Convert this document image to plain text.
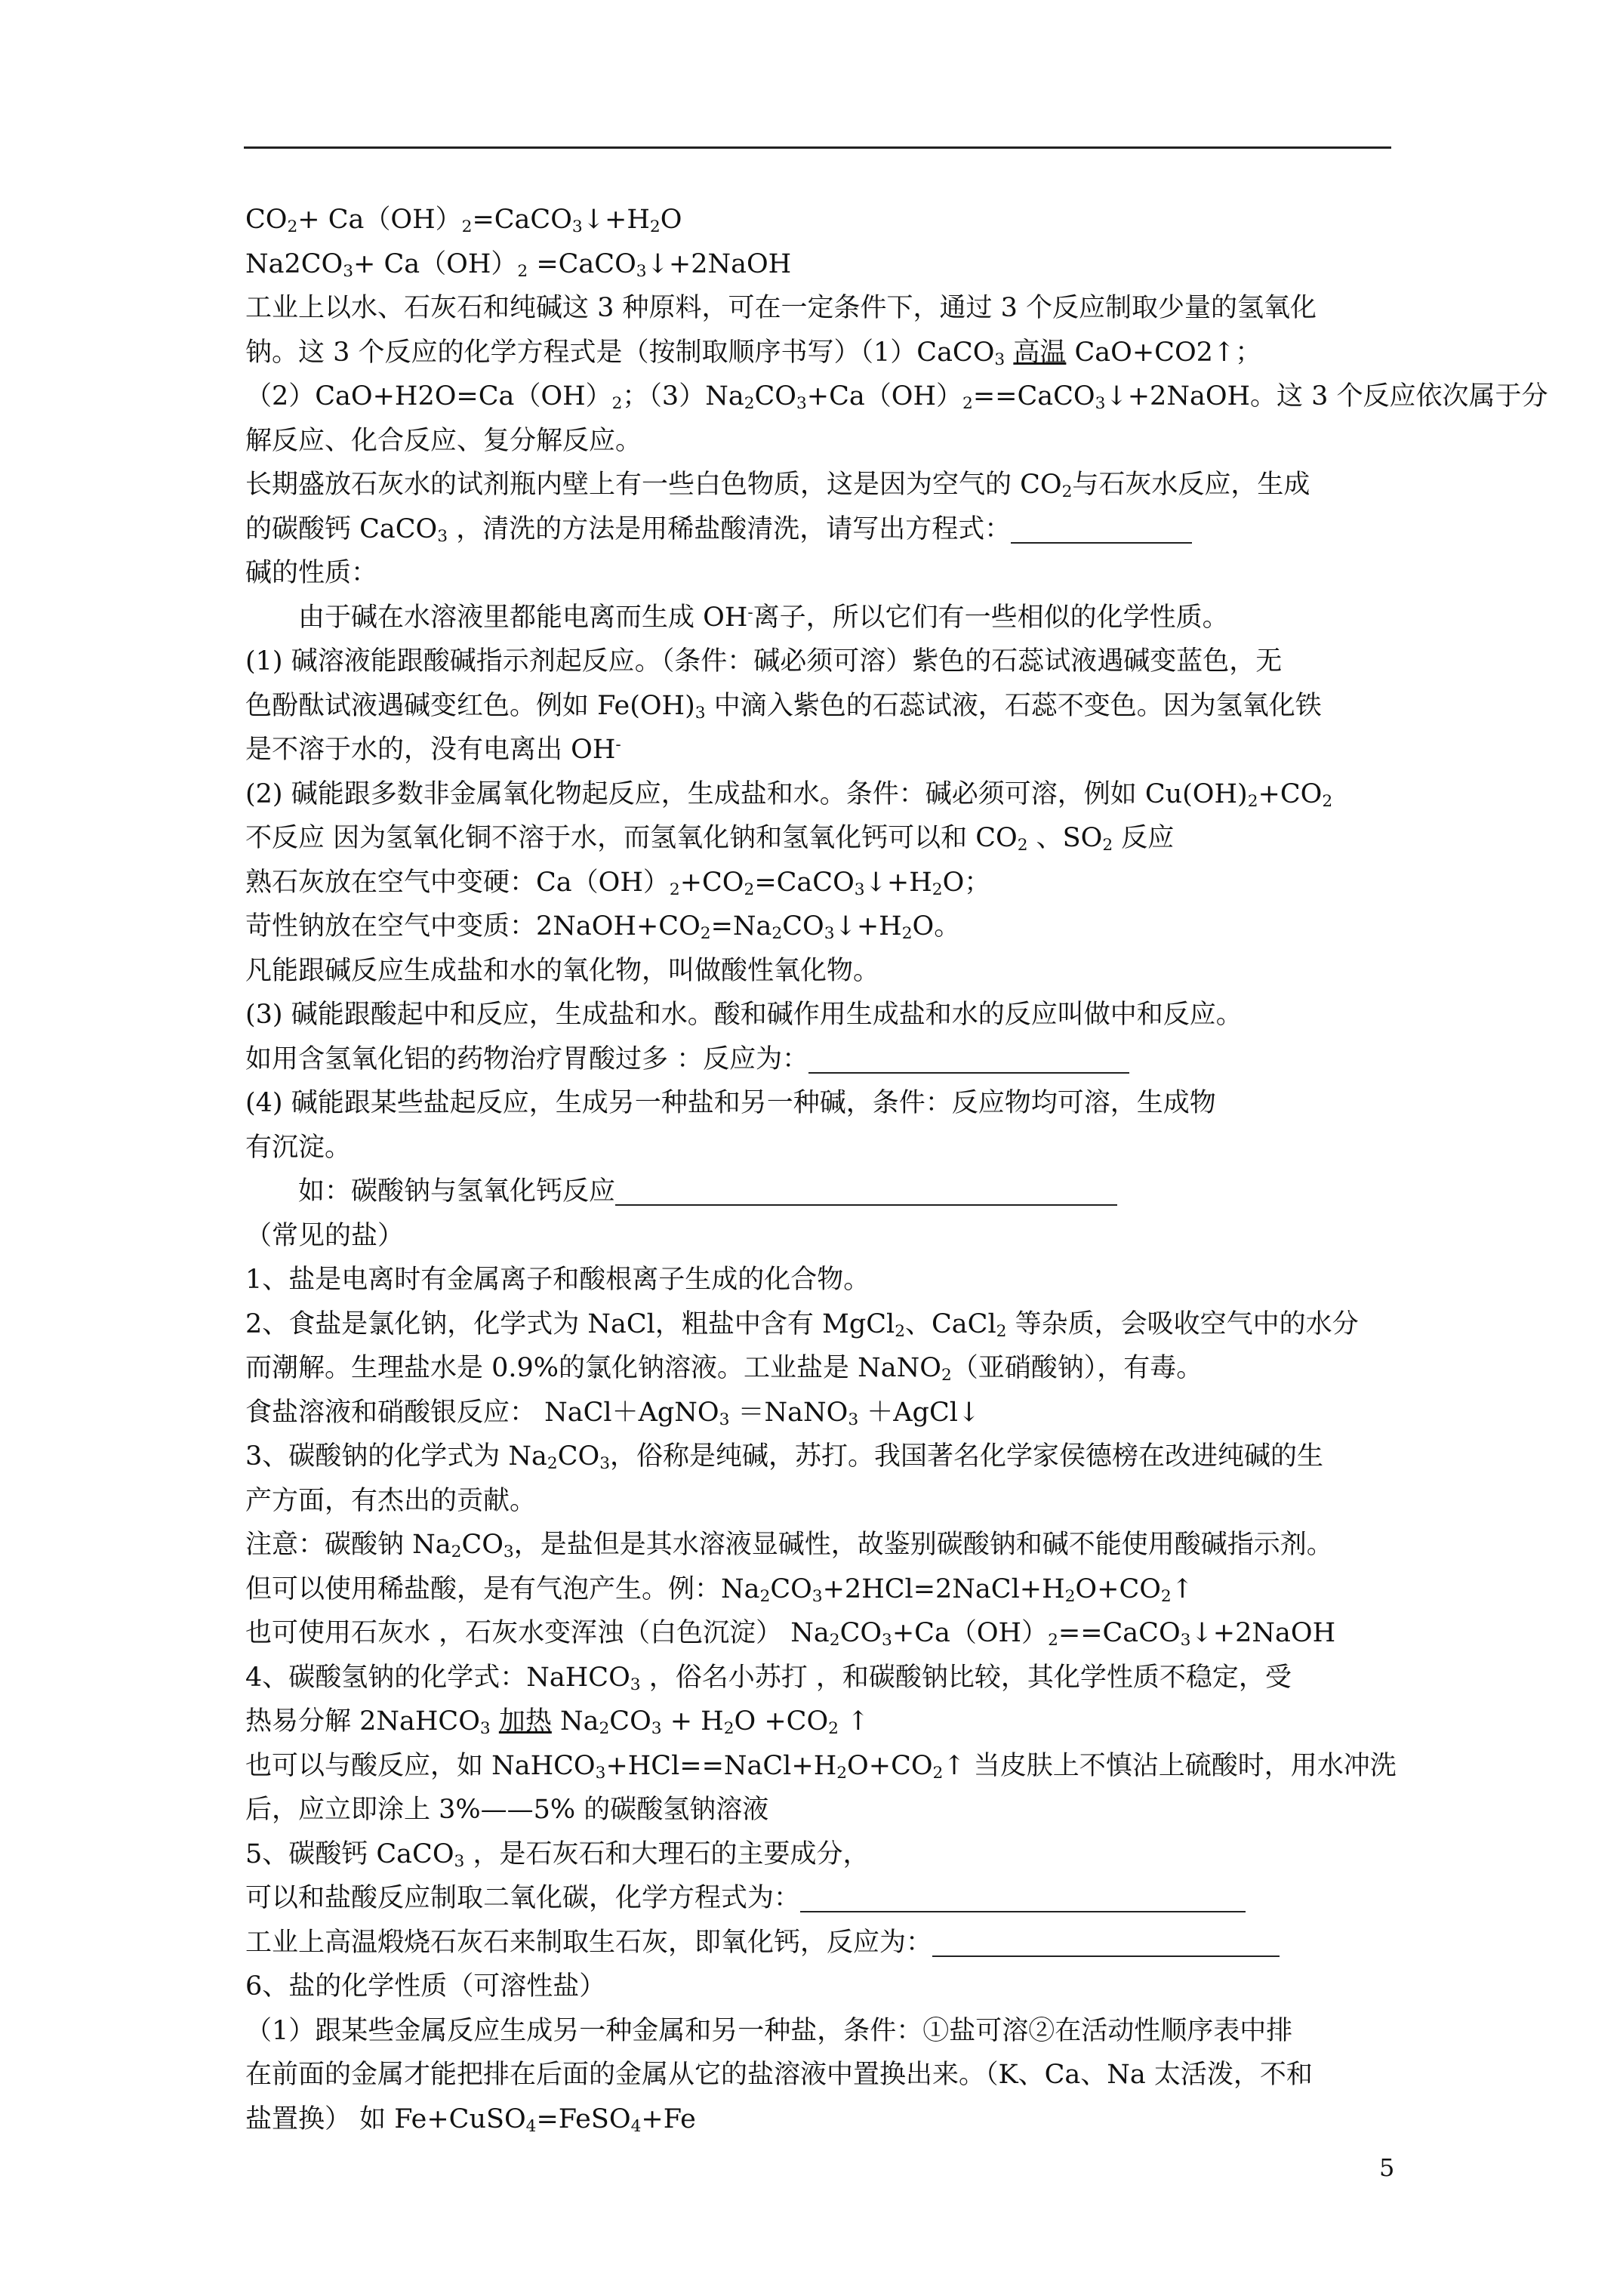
$CO_2+$ $Ca(OH)_2=CaCO_3↓+H_2O$
$Na2CO_3+ Ca(OH)_2$ =CaCO$_3$↓+2NaOH
工业上以水、石灰石和纯碱这 3 种原料，可在一定条件下，通过 3 个反应制取少量的氢氧化
钠。这 3 个反应的化学方程式是（按制取顺序书写）（1）CaCO$_3$ 高温 CaO+CO2↑；
$(2)CaO+H2O=Ca(OH)_2$；$(3)Na_2CO_3+Ca(OH)_2==CaCO_3↓+2NaOH$。这 3 个反应依次属于分
解反应、化合反应、复分解反应。
长期盛放石灰水的试剂瓶内壁上有一些白色物质，这是因为空气的 $CO_2$与石灰水反应，生成
的碳酸钙 CaCO$_3$ ，清洗的方法是用稀盐酸清洗，请写出方程式：
碱的性质：
由于碱在水溶液里都能电离而生成 OH-离子，所以它们有一些相似的化学性质。
(1) 碱溶液能跟酸碱指示剂起反应。（条件：碱必须可溶）紫色的石蕊试液遇碱变蓝色，无
色酚酞试液遇碱变红色。例如 $Fe(OH)_3$ 中滴入紫色的石蕊试液，石蕊不变色。因为氢氧化铁
是不溶于水的，没有电离出 OH-
(2) 碱能跟多数非金属氧化物起反应，生成盐和水。条件：碱必须可溶，例如 $Cu(OH)_2+CO_2$
不反应 因为氢氧化铜不溶于水，而氢氧化钠和氢氧化钙可以和 $CO_2$ 、$SO_2$ 反应
熟石灰放在空气中变硬：$Ca(OH)_2+CO_2=CaCO_3↓+H_2O$；
苛性钠放在空气中变质：$2NaOH+CO_2=Na_2CO_3↓+H_2O$。
凡能跟碱反应生成盐和水的氧化物，叫做酸性氧化物。
(3) 碱能跟酸起中和反应，生成盐和水。酸和碱作用生成盐和水的反应叫做中和反应。
如用含氢氧化铝的药物治疗胃酸过多 ：反应为：
(4) 碱能跟某些盐起反应，生成另一种盐和另一种碱，条件：反应物均可溶，生成物
有沉淀。
如：碳酸钠与氢氧化钙反应
（常见的盐）
1、盐是电离时有金属离子和酸根离子生成的化合物。
2、食盐是氯化钠，化学式为 NaCl，粗盐中含有 MgCl$_2$、CaCl$_2$ 等杂质，会吸收空气中的水分
而潮解。生理盐水是 0.9%的氯化钠溶液。工业盐是 NaNO$_2$（亚硝酸钠），有毒。
食盐溶液和硝酸银反应： NaCl＋AgNO$_3$ ＝NaNO$_3$ ＋AgCl↓
3、碳酸钠的化学式为 $Na_2CO_3$，俗称是纯碱，苏打。我国著名化学家侯德榜在改进纯碱的生
产方面，有杰出的贡献。
注意：碳酸钠 $Na_2CO_3$，是盐但是其水溶液显碱性，故鉴别碳酸钠和碱不能使用酸碱指示剂。
但可以使用稀盐酸，是有气泡产生。例：$Na_2CO_3+2HCl=2NaCl+H_2O+CO_2↑$
也可使用石灰水 ，石灰水变浑浊（白色沉淀） $Na_2CO_3+Ca(OH)_2==CaCO_3↓+2NaOH$
4、碳酸氢钠的化学式：NaHCO$_3$ ，俗名小苏打 ，和碳酸钠比较，其化学性质不稳定，受
热易分解 2NaHCO$_3$ 加热 $Na_2CO_3 + H_2O +CO_2$ ↑
也可以与酸反应，如 $NaHCO_3+HCl==NaCl+H_2O+CO_2↑$ 当皮肤上不慎沾上硫酸时，用水冲洗
后，应立即涂上 3%——5% 的碳酸氢钠溶液
5、碳酸钙 CaCO$_3$ ，是石灰石和大理石的主要成分，
可以和盐酸反应制取二氧化碳，化学方程式为：
工业上高温煅烧石灰石来制取生石灰，即氧化钙，反应为：
6、盐的化学性质（可溶性盐）
（1）跟某些金属反应生成另一种金属和另一种盐，条件：①盐可溶②在活动性顺序表中排
在前面的金属才能把排在后面的金属从它的盐溶液中置换出来。（K、Ca、Na 太活泼，不和
盐置换） 如 Fe+CuSO$_4$=FeSO$_4$+Fe
5
